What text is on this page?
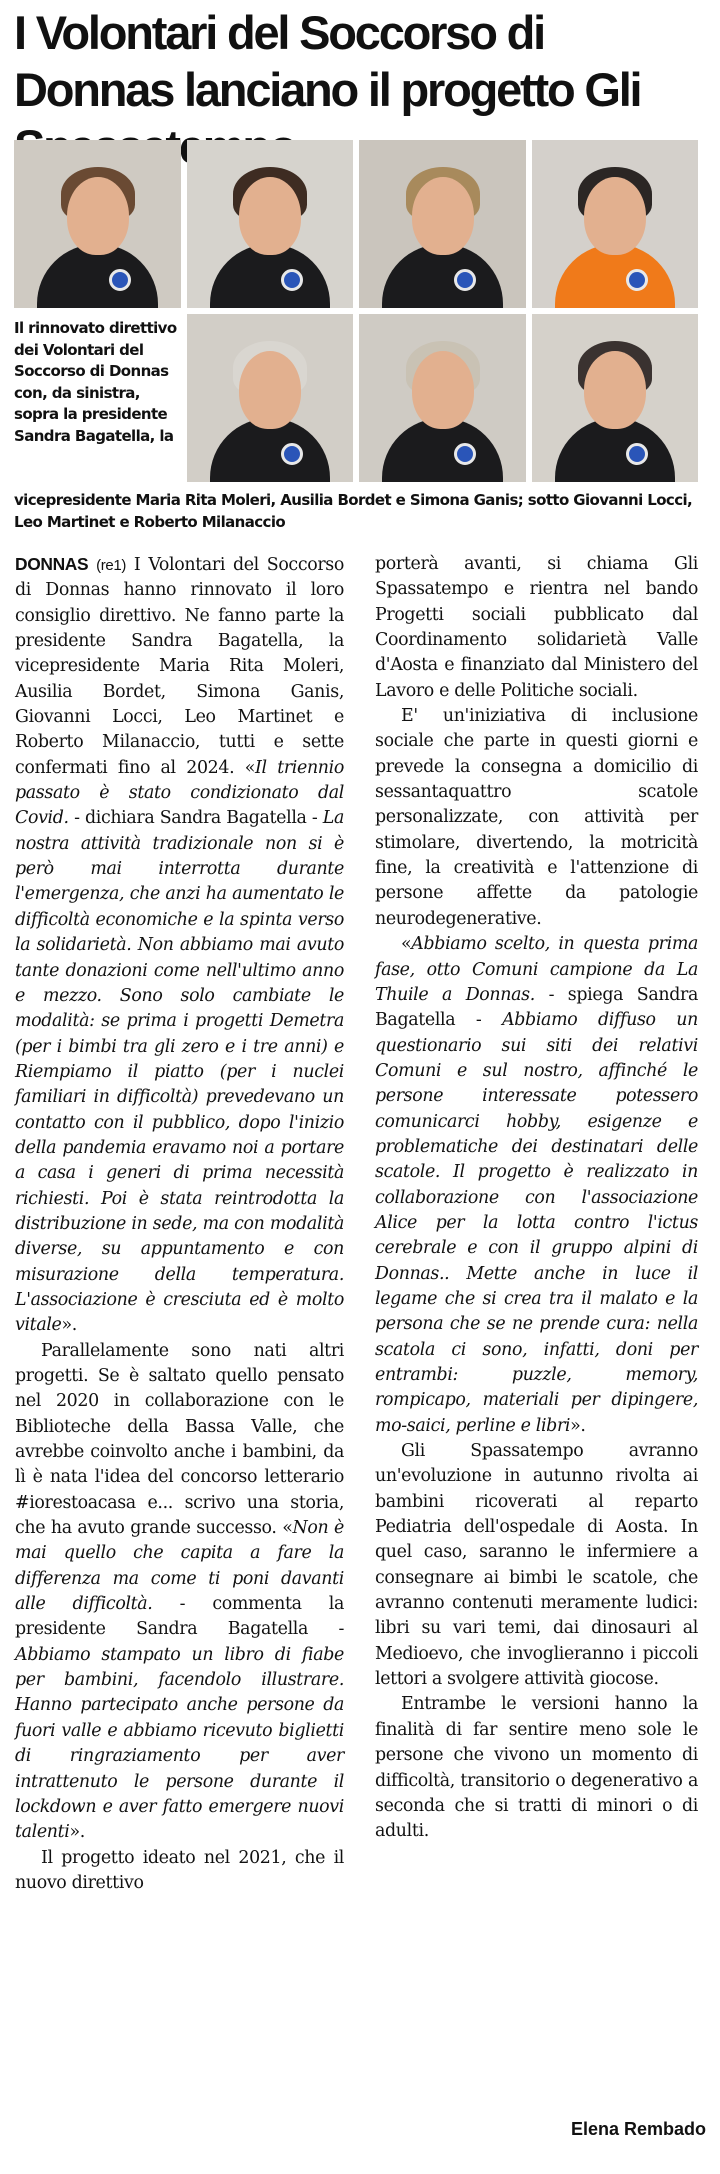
I Volontari del Soccorso di Donnas lanciano il progetto Gli
Il rinnovato direttivo dei Volontari del Soccorso di Donnas con, da sinistra, sopra la presidente Sandra Bagatella, la
vicepresidente Maria Rita Moleri, Ausilia Bordet e Simona Ganis; sotto Giovanni Locci, Leo Martinet e Roberto Milanaccio

DONNAS (re1) I Volontari del Soccorso di Donnas hanno rinnovato il loro consiglio direttivo. Ne fanno parte la presidente Sandra Bagatella, la vicepresidente Maria Rita Moleri, Ausilia Bordet, Simona Ganis, Giovanni Locci, Leo Martinet e Roberto Milanaccio, tutti e sette confermati fino al 2024. «Il triennio passato è stato condizionato dal Covid. - dichiara Sandra Bagatella - La nostra attività tradizionale non si è però mai interrotta durante l'emergenza, che anzi ha aumentato le difficoltà economiche e la spinta verso la solidarietà. Non abbiamo mai avuto tante donazioni come nell'ultimo anno e mezzo. Sono solo cambiate le modalità: se prima i progetti Demetra (per i bimbi tra gli zero e i tre anni) e Riempiamo il piatto (per i nuclei familiari in difficoltà) prevedevano un contatto con il pubblico, dopo l'inizio della pandemia eravamo noi a portare a casa i generi di prima necessità richiesti. Poi è stata reintrodotta la distribuzione in sede, ma con modalità diverse, su appuntamento e con misurazione della temperatura. L'associazione è cresciuta ed è molto vitale».

Parallelamente sono nati altri progetti. Se è saltato quello pensato nel 2020 in collaborazione con le Biblioteche della Bassa Valle, che avrebbe coinvolto anche i bambini, da lì è nata l'idea del concorso letterario #iorestoacasa e... scrivo una storia, che ha avuto grande successo. «Non è mai quello che capita a fare la differenza ma come ti poni davanti alle difficoltà. - commenta la presidente Sandra Bagatella - Abbiamo stampato un libro di fiabe per bambini, facendolo illustrare. Hanno partecipato anche persone da fuori valle e abbiamo ricevuto biglietti di ringraziamento per aver intrattenuto le persone durante il lockdown e aver fatto emergere nuovi talenti».

Il progetto ideato nel 2021, che il nuovo direttivo

porterà avanti, si chiama Gli Spassatempo e rientra nel bando Progetti sociali pubblicato dal Coordinamento solidarietà Valle d'Aosta e finanziato dal Ministero del Lavoro e delle Politiche sociali.

E' un'iniziativa di inclusione sociale che parte in questi giorni e prevede la consegna a domicilio di sessantaquattro scatole personalizzate, con attività per stimolare, divertendo, la motricità fine, la creatività e l'attenzione di persone affette da patologie neurodegenerative.

«Abbiamo scelto, in questa prima fase, otto Comuni campione da La Thuile a Donnas. - spiega Sandra Bagatella - Abbiamo diffuso un questionario sui siti dei relativi Comuni e sul nostro, affinché le persone interessate potessero comunicarci hobby, esigenze e problematiche dei destinatari delle scatole. Il progetto è realizzato in collaborazione con l'associazione Alice per la lotta contro l'ictus cerebrale e con il gruppo alpini di Donnas.. Mette anche in luce il legame che si crea tra il malato e la persona che se ne prende cura: nella scatola ci sono, infatti, doni per entrambi: puzzle, memory, rompicapo, materiali per dipingere, mo-saici, perline e libri».

Gli Spassatempo avranno un'evoluzione in autunno rivolta ai bambini ricoverati al reparto Pediatria dell'ospedale di Aosta. In quel caso, saranno le infermiere a consegnare ai bimbi le scatole, che avranno contenuti meramente ludici: libri su vari temi, dai dinosauri al Medioevo, che invoglieranno i piccoli lettori a svolgere attività giocose.

Entrambe le versioni hanno la finalità di far sentire meno sole le persone che vivono un momento di difficoltà, transitorio o degenerativo a seconda che si tratti di minori o di adulti.

Elena Rembado
